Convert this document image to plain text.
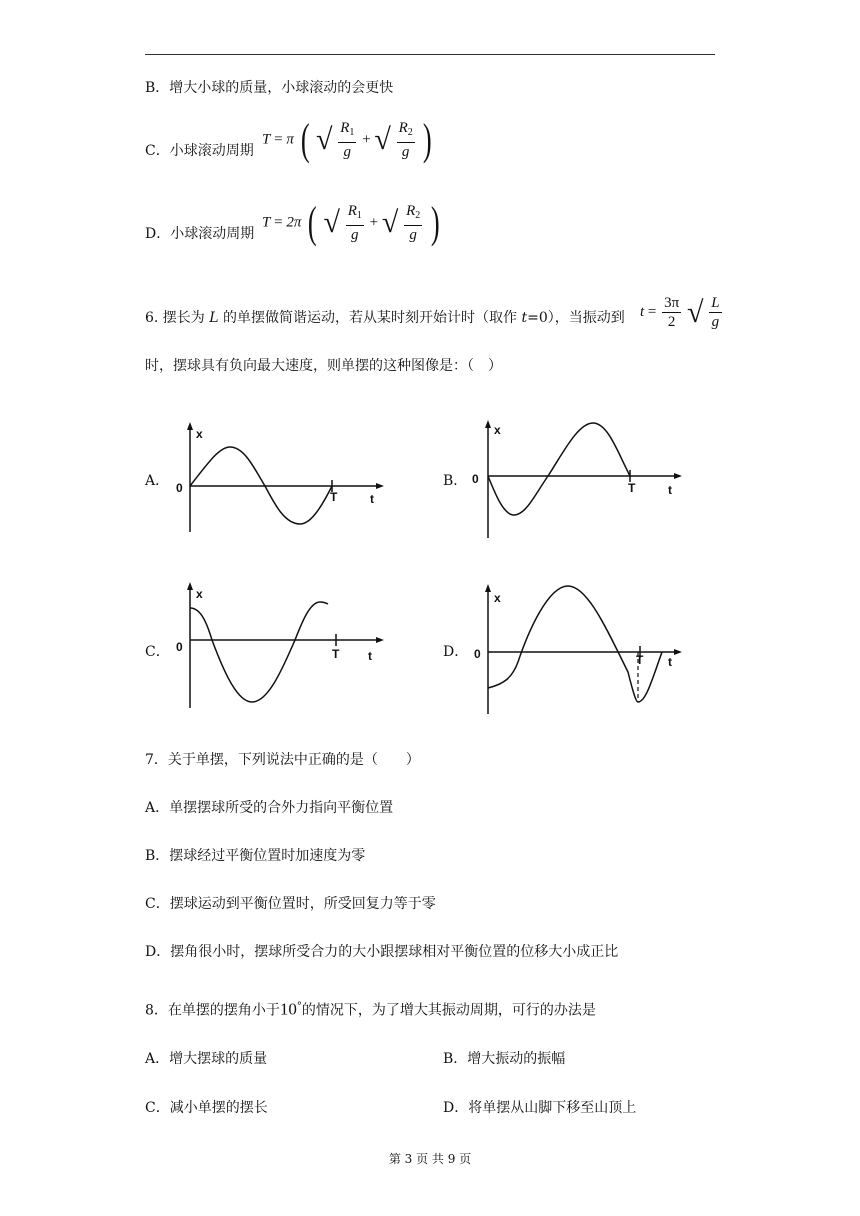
B．增大小球的质量，小球滚动的会更快
C．小球滚动周期
T = π ( √ $\frac{R_1}{g}$ + √ $\frac{R_2}{g}$ )
D．小球滚动周期
T = 2π ( √ $\frac{R_1}{g}$ + √ $\frac{R_2}{g}$ )
6. 摆长为 L 的单摆做简谐运动，若从某时刻开始计时（取作 t=0），当振动到 $t = \frac{3\pi}{2}$ √ $\frac{L}{g}$
时，摆球具有负向最大速度，则单摆的这种图像是：（　）
A．	B．
C．	D．
x
0
T	t
x
0
T	t
x
0	T t
x
0	T t
7．关于单摆，下列说法中正确的是（　　）
A．单摆摆球所受的合外力指向平衡位置
B．摆球经过平衡位置时加速度为零
C．摆球运动到平衡位置时，所受回复力等于零
D．摆角很小时，摆球所受合力的大小跟摆球相对平衡位置的位移大小成正比
8．在单摆的摆角小于10°的情况下，为了增大其振动周期，可行的办法是
A．增大摆球的质量	B．增大振动的振幅
C．减小单摆的摆长	D．将单摆从山脚下移至山顶上
第 3 页 共 9 页
